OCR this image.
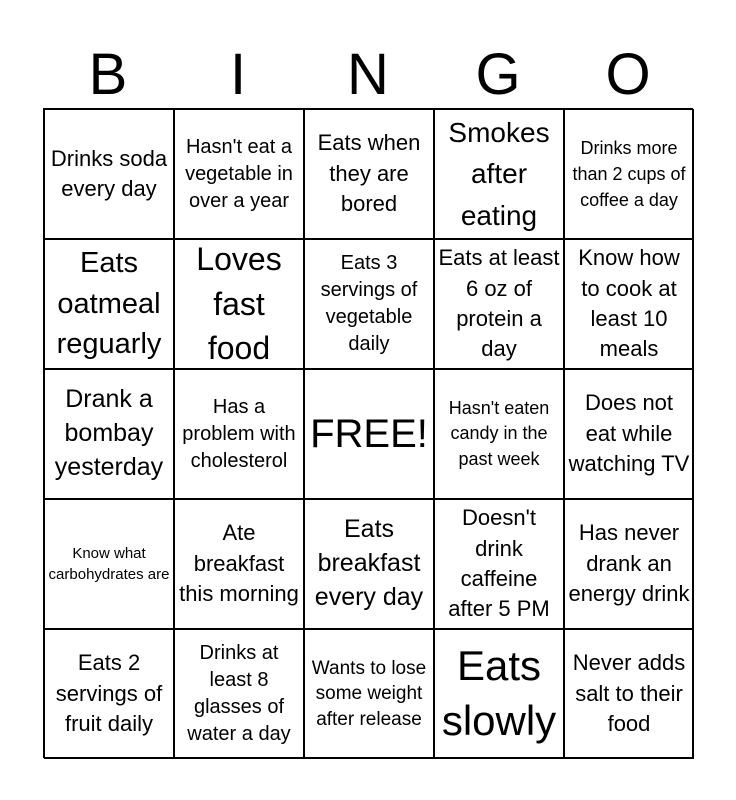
B	I	N	G	O
Drinks soda every day
Hasn't eat a vegetable in over a year
Eats when they are bored
Smokes after eating
Drinks more than 2 cups of coffee a day
Eats oatmeal reguarly
Loves fast food
Eats 3 servings of vegetable daily
Eats at least 6 oz of protein a day
Know how to cook at least 10 meals
Drank a bombay yesterday
Has a problem with cholesterol
FREE!
Hasn't eaten candy in the past week
Does not eat while watching TV
Know what carbohydrates are
Ate breakfast this morning
Eats breakfast every day
Doesn't drink caffeine after 5 PM
Has never drank an energy drink
Eats 2 servings of fruit daily
Drinks at least 8 glasses of water a day
Wants to lose some weight after release
Eats slowly
Never adds salt to their food
